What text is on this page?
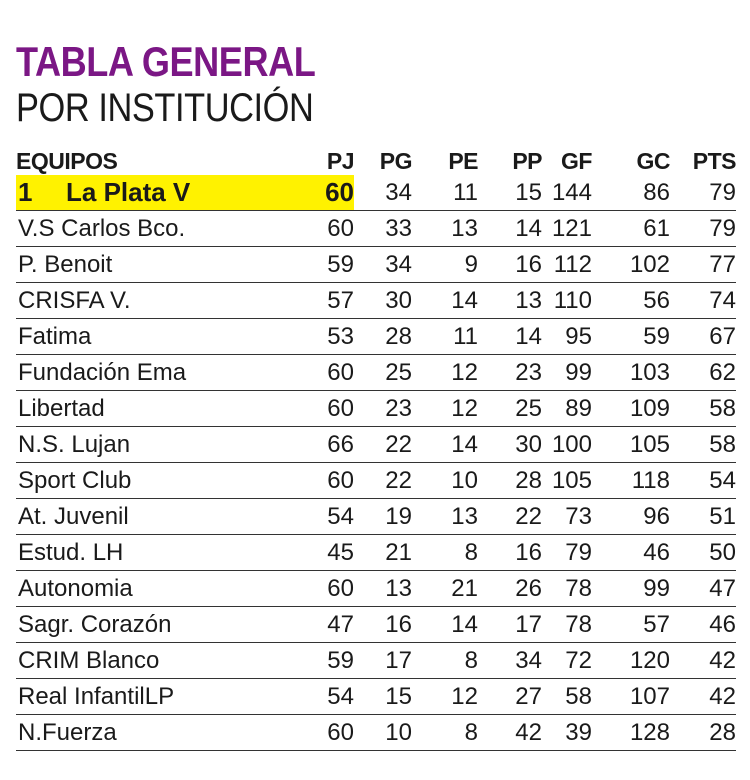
TABLA GENERAL
POR INSTITUCIÓN
EQUIPOS	PJ	PG	PE	PP	GF	GC	PTS
1 La Plata V	60	34	11	15	144	86	79
V.S Carlos Bco.	60	33	13	14	121	61	79
P. Benoit	59	34	9	16	112	102	77
CRISFA V.	57	30	14	13	110	56	74
Fatima	53	28	11	14	95	59	67
Fundación Ema	60	25	12	23	99	103	62
Libertad	60	23	12	25	89	109	58
N.S. Lujan	66	22	14	30	100	105	58
Sport Club	60	22	10	28	105	118	54
At. Juvenil	54	19	13	22	73	96	51
Estud. LH	45	21	8	16	79	46	50
Autonomia	60	13	21	26	78	99	47
Sagr. Corazón	47	16	14	17	78	57	46
CRIM Blanco	59	17	8	34	72	120	42
Real InfantilLP	54	15	12	27	58	107	42
N.Fuerza	60	10	8	42	39	128	28
